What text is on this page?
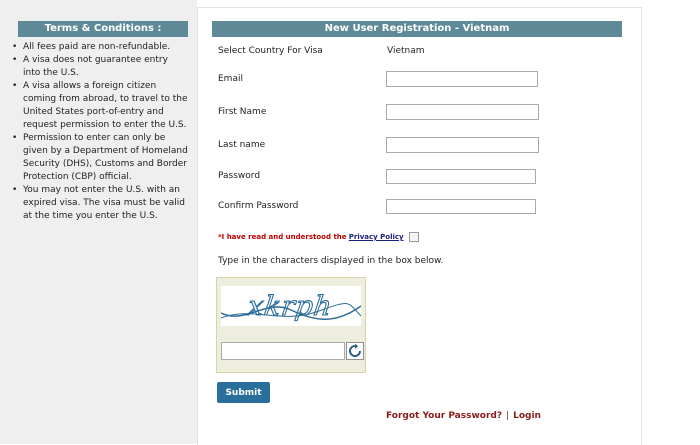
Terms & Conditions :
• All fees paid are non-refundable.
• A visa does not guarantee entry into the U.S.
• A visa allows a foreign citizen coming from abroad, to travel to the United States port-of-entry and request permission to enter the U.S.
• Permission to enter can only be given by a Department of Homeland Security (DHS), Customs and Border Protection (CBP) official.
• You may not enter the U.S. with an expired visa. The visa must be valid at the time you enter the U.S.
New User Registration - Vietnam
Select Country For Visa	Vietnam
Email
First Name
Last name
Password
Confirm Password
*I have read and understood the Privacy Policy
Type in the characters displayed in the box below.
xkrph
Submit
Forgot Your Password? | Login
